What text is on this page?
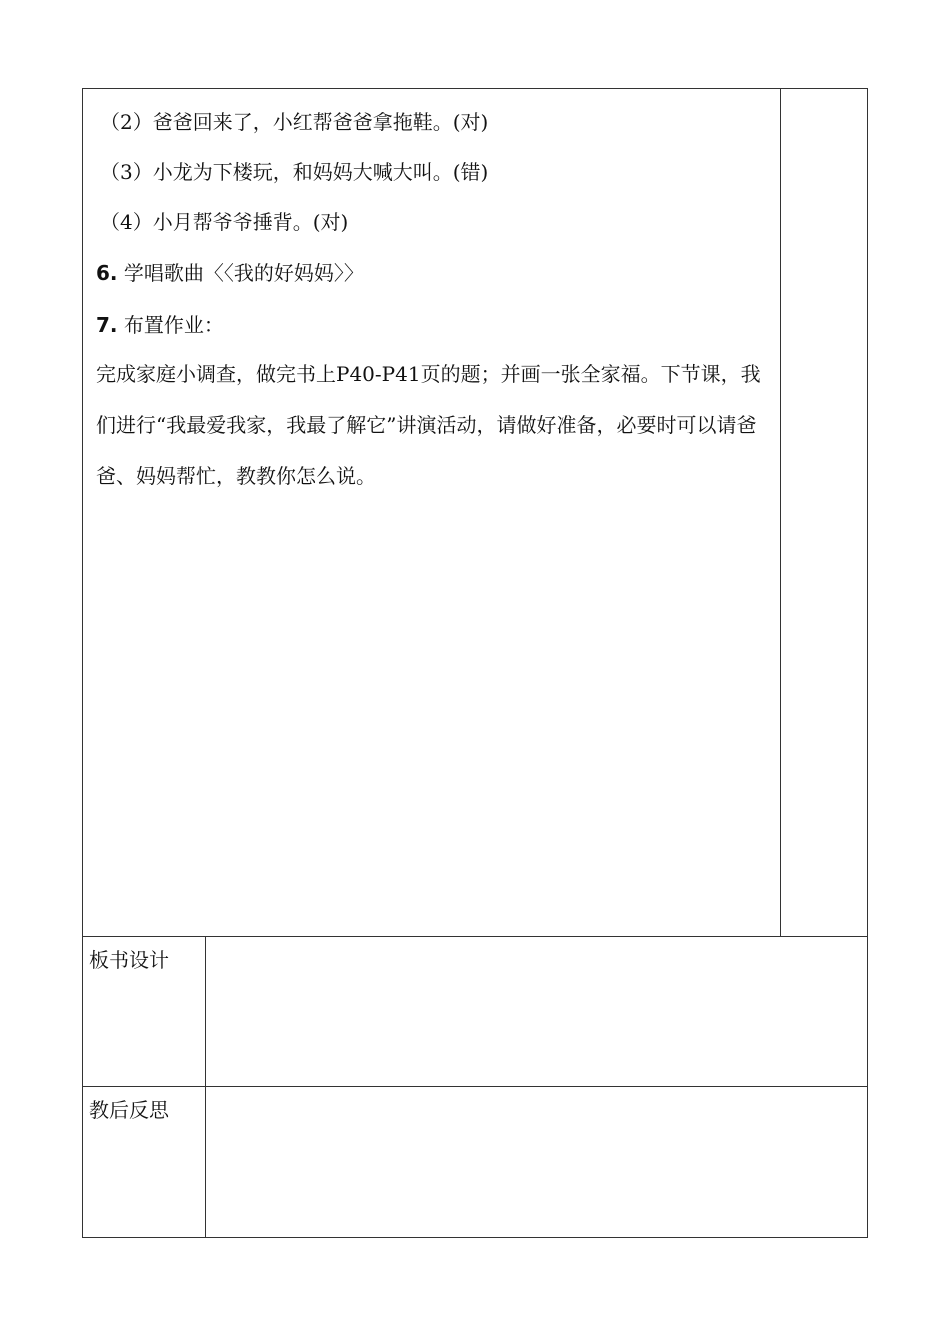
（2）爸爸回来了，小红帮爸爸拿拖鞋。(对)
（3）小龙为下楼玩，和妈妈大喊大叫。(错)
（4）小月帮爷爷捶背。(对)
6. 学唱歌曲〈〈我的好妈妈〉〉
7. 布置作业：
完成家庭小调查，做完书上P40-P41页的题；并画一张全家福。下节课，我们进行“我最爱我家，我最了解它”讲演活动，请做好准备，必要时可以请爸爸、妈妈帮忙，教教你怎么说。
板书设计
教后反思
